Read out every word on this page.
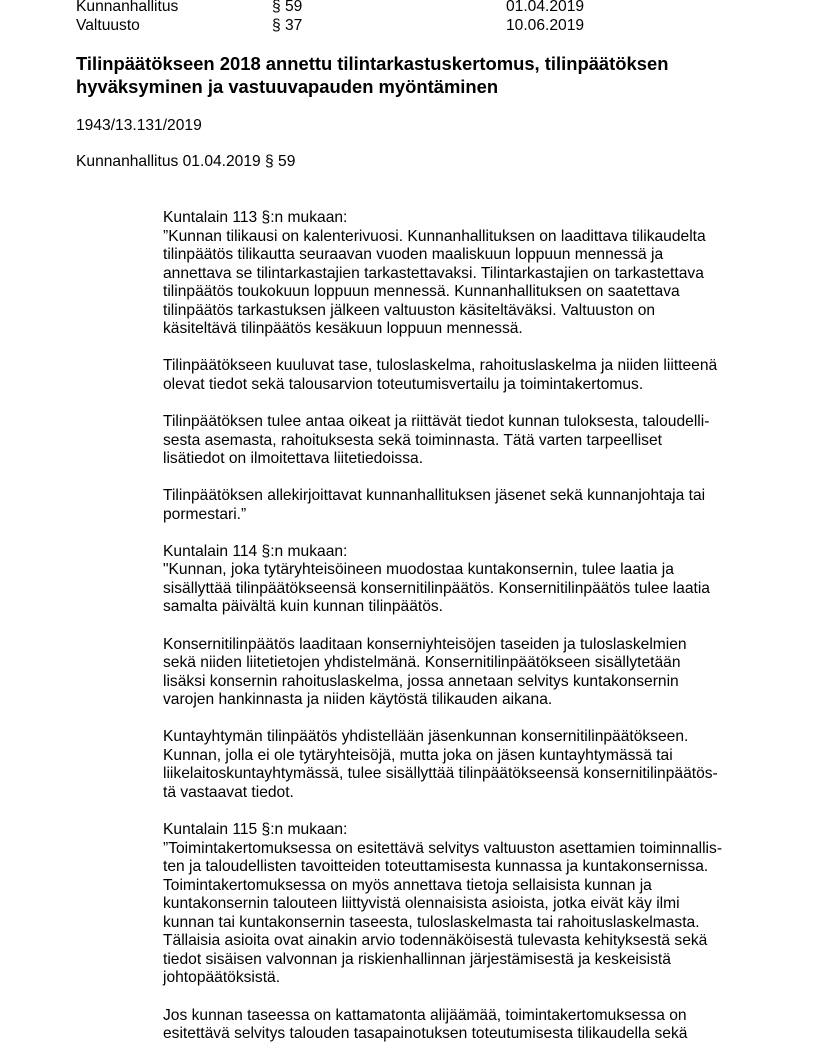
Kunnanhallitus	§ 59	01.04.2019
Valtuusto	§ 37	10.06.2019
Tilinpäätökseen 2018 annettu tilintarkastuskertomus, tilinpäätöksen
hyväksyminen ja vastuuvapauden myöntäminen
1943/13.131/2019
Kunnanhallitus 01.04.2019 § 59

Kuntalain 113 §:n mukaan:
”Kunnan tilikausi on kalenterivuosi. Kunnanhallituksen on laadittava tilikaudelta
tilinpäätös tilikautta seuraavan vuoden maaliskuun loppuun mennessä ja
annettava se tilintarkastajien tarkastettavaksi. Tilintarkastajien on tarkastettava
tilinpäätös toukokuun loppuun mennessä. Kunnanhallituksen on saatettava
tilinpäätös tarkastuksen jälkeen valtuuston käsiteltäväksi. Valtuuston on
käsiteltävä tilinpäätös kesäkuun loppuun mennessä.

Tilinpäätökseen kuuluvat tase, tuloslaskelma, rahoituslaskelma ja niiden liitteenä
olevat tiedot sekä talousarvion toteutumisvertailu ja toimintakertomus.

Tilinpäätöksen tulee antaa oikeat ja riittävät tiedot kunnan tuloksesta, taloudelli-
sesta asemasta, rahoituksesta sekä toiminnasta. Tätä varten tarpeelliset
lisätiedot on ilmoitettava liitetiedoissa.

Tilinpäätöksen allekirjoittavat kunnanhallituksen jäsenet sekä kunnanjohtaja tai
pormestari.”

Kuntalain 114 §:n mukaan:
"Kunnan, joka tytäryhteisöineen muodostaa kuntakonsernin, tulee laatia ja
sisällyttää tilinpäätökseensä konsernitilinpäätös. Konsernitilinpäätös tulee laatia
samalta päivältä kuin kunnan tilinpäätös.

Konsernitilinpäätös laaditaan konserniyhteisöjen taseiden ja tuloslaskelmien
sekä niiden liitetietojen yhdistelmänä. Konsernitilinpäätökseen sisällytetään
lisäksi konsernin rahoituslaskelma, jossa annetaan selvitys kuntakonsernin
varojen hankinnasta ja niiden käytöstä tilikauden aikana.

Kuntayhtymän tilinpäätös yhdistellään jäsenkunnan konsernitilinpäätökseen.
Kunnan, jolla ei ole tytäryhteisöjä, mutta joka on jäsen kuntayhtymässä tai
liikelaitoskuntayhtymässä, tulee sisällyttää tilinpäätökseensä konsernitilinpäätös-
tä vastaavat tiedot.

Kuntalain 115 §:n mukaan:
”Toimintakertomuksessa on esitettävä selvitys valtuuston asettamien toiminnallis-
ten ja taloudellisten tavoitteiden toteuttamisesta kunnassa ja kuntakonsernissa.
Toimintakertomuksessa on myös annettava tietoja sellaisista kunnan ja
kuntakonsernin talouteen liittyvistä olennaisista asioista, jotka eivät käy ilmi
kunnan tai kuntakonsernin taseesta, tuloslaskelmasta tai rahoituslaskelmasta.
Tällaisia asioita ovat ainakin arvio todennäköisestä tulevasta kehityksestä sekä
tiedot sisäisen valvonnan ja riskienhallinnan järjestämisestä ja keskeisistä
johtopäätöksistä.

Jos kunnan taseessa on kattamatonta alijäämää, toimintakertomuksessa on
esitettävä selvitys talouden tasapainotuksen toteutumisesta tilikaudella sekä
